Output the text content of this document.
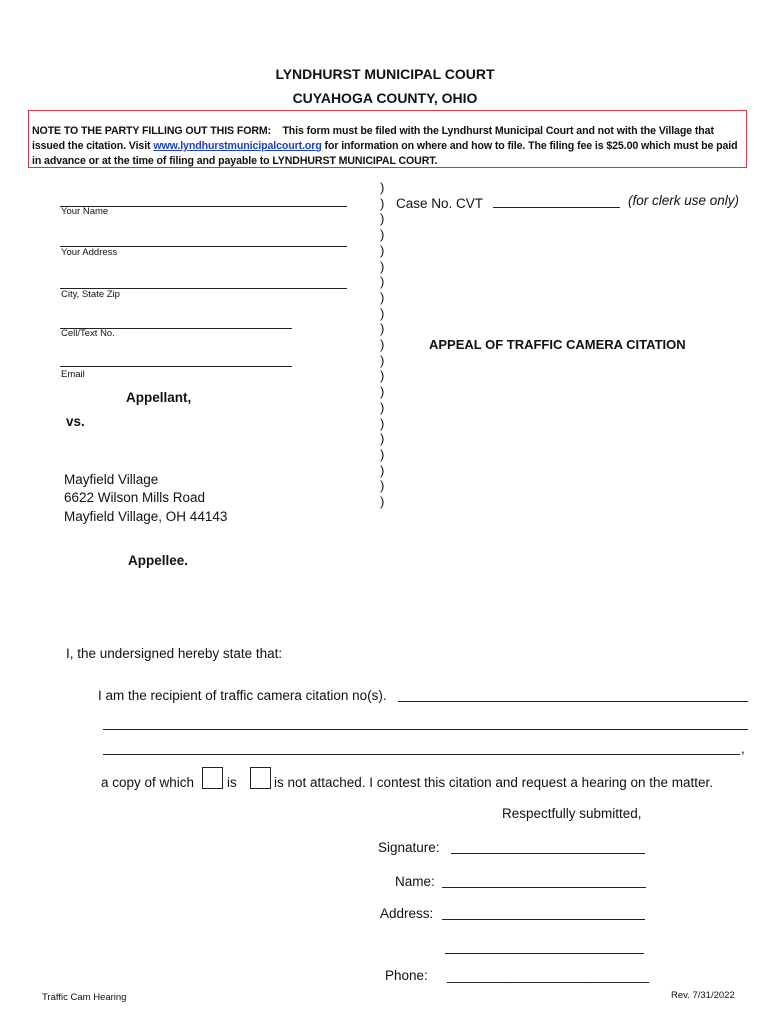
LYNDHURST MUNICIPAL COURT
CUYAHOGA COUNTY, OHIO
NOTE TO THE PARTY FILLING OUT THIS FORM: This form must be filed with the Lyndhurst Municipal Court and not with the Village that issued the citation. Visit www.lyndhurstmunicipalcourt.org for information on where and how to file. The filing fee is $25.00 which must be paid in advance or at the time of filing and payable to LYNDHURST MUNICIPAL COURT.
Your Name
Your Address
City, State Zip
Cell/Text No.
Email
Appellant,
vs.
Mayfield Village
6622 Wilson Mills Road
Mayfield Village, OH 44143
Appellee.
)
)
)
)
)
)
)
)
)
)
)
)
)
)
)
)
)
)
)
)
)
Case No. CVT	(for clerk use only)
APPEAL OF TRAFFIC CAMERA CITATION
I, the undersigned hereby state that:
I am the recipient of traffic camera citation no(s).
,
a copy of which is	is not attached. I contest this citation and request a hearing on the matter.
Respectfully submitted,
Signature:
Name:
Address:
Phone: ____________________________
Traffic Cam Hearing	Rev. 7/31/2022
